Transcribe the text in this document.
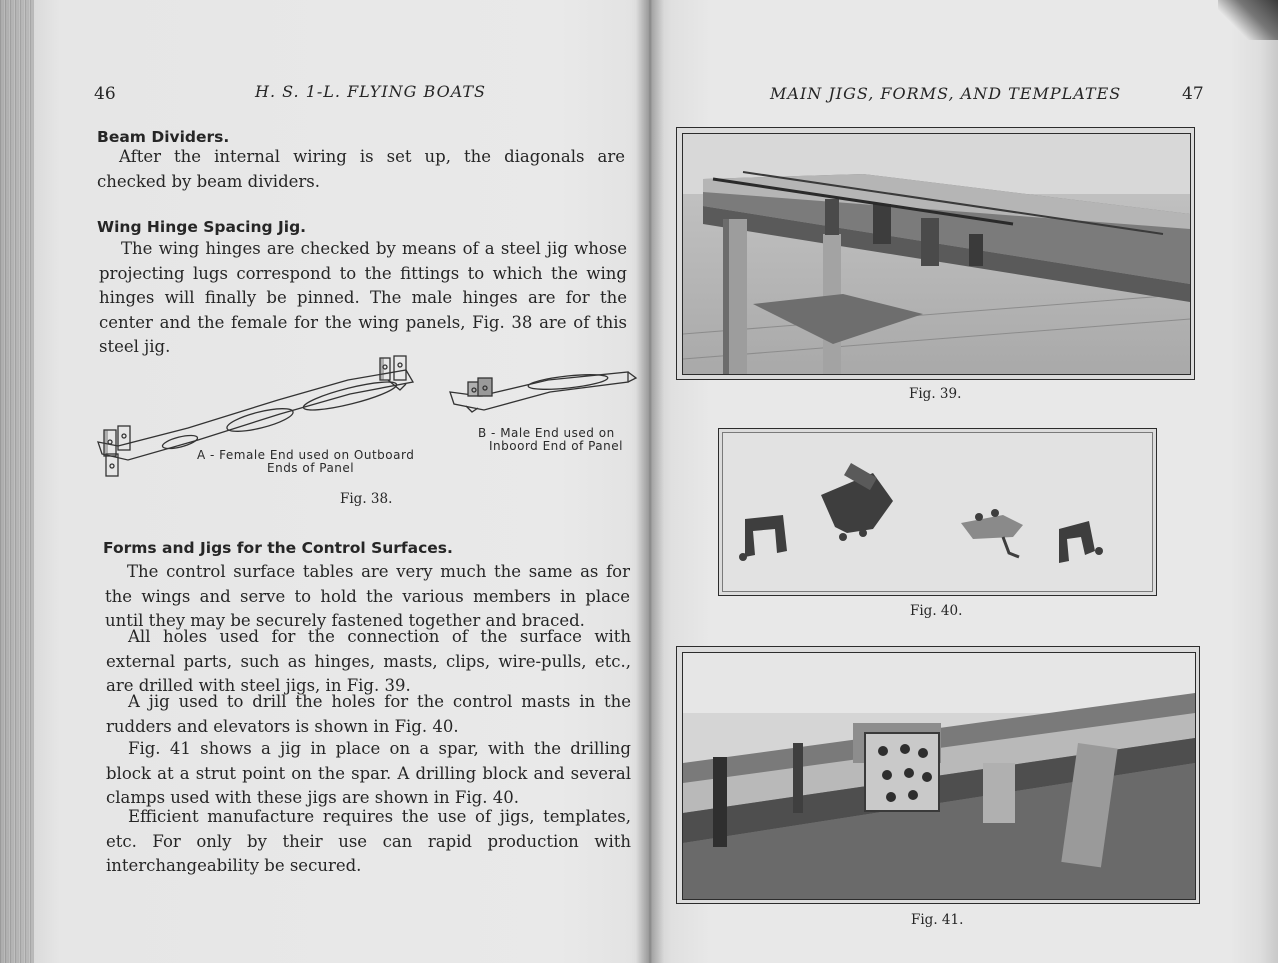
46	H. S. 1-L. FLYING BOATS
Beam Dividers.

After the internal wiring is set up, the diagonals are checked by beam dividers.

Wing Hinge Spacing Jig.

The wing hinges are checked by means of a steel jig whose projecting lugs correspond to the fittings to which the wing hinges will finally be pinned. The male hinges are for the center and the female for the wing panels, Fig. 38 are of this steel jig.

A - Female End used on Outboard
Ends of Panel
B - Male End used on
Inboord End of Panel
Fig. 38.
Forms and Jigs for the Control Surfaces.

The control surface tables are very much the same as for the wings and serve to hold the various members in place until they may be securely fastened together and braced.

All holes used for the connection of the surface with external parts, such as hinges, masts, clips, wire-pulls, etc., are drilled with steel jigs, in Fig. 39.

A jig used to drill the holes for the control masts in the rudders and elevators is shown in Fig. 40.

Fig. 41 shows a jig in place on a spar, with the drilling block at a strut point on the spar. A drilling block and several clamps used with these jigs are shown in Fig. 40.

Efficient manufacture requires the use of jigs, templates, etc. For only by their use can rapid production with interchangeability be secured.

MAIN JIGS, FORMS, AND TEMPLATES	47
Fig. 39.
Fig. 40.
Fig. 41.
